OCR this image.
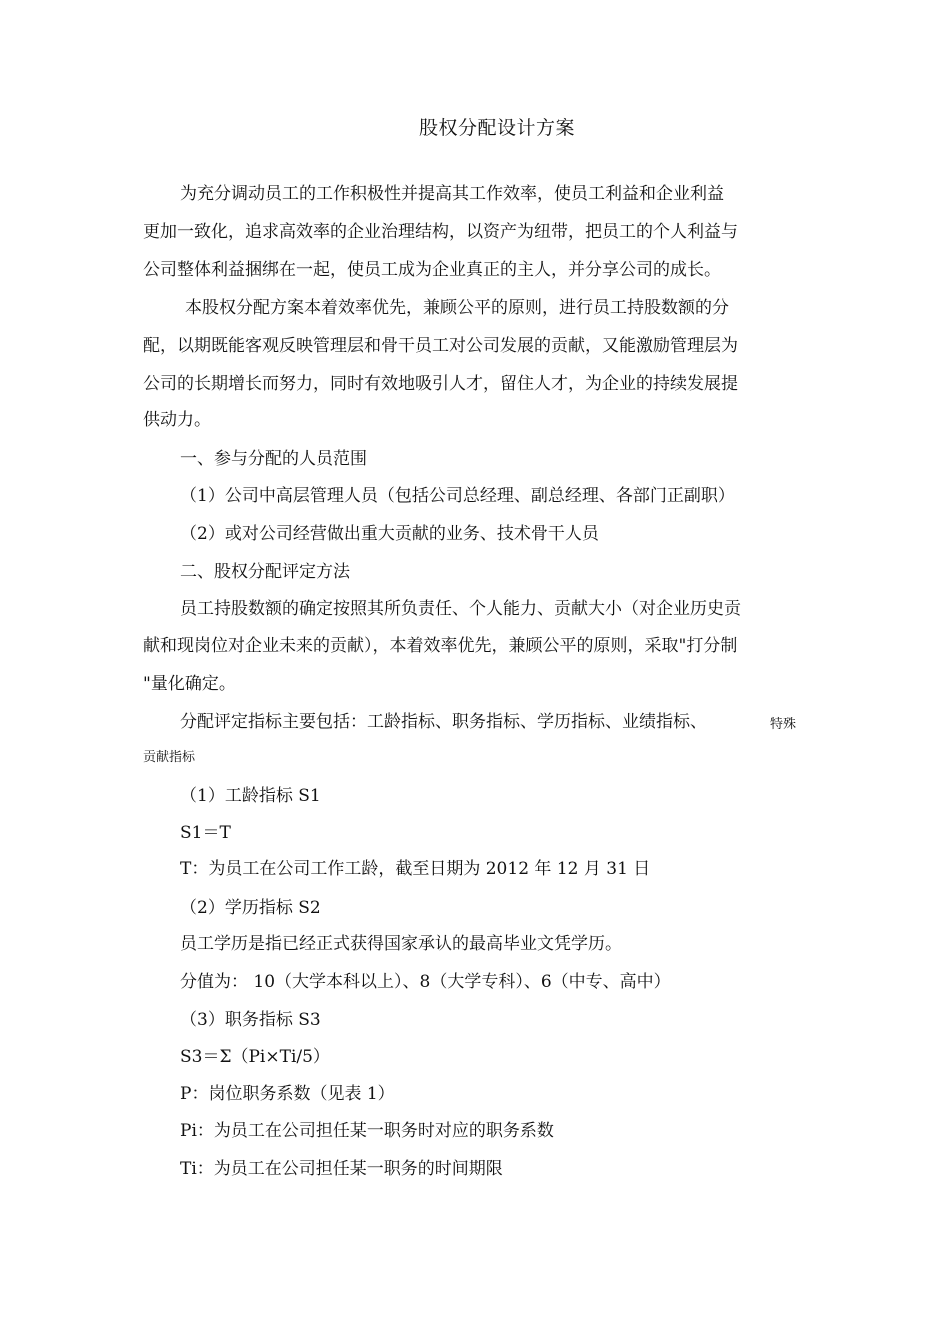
股权分配设计方案
为充分调动员工的工作积极性并提高其工作效率，使员工利益和企业利益
更加一致化，追求高效率的企业治理结构，以资产为纽带，把员工的个人利益与
公司整体利益捆绑在一起，使员工成为企业真正的主人，并分享公司的成长。
本股权分配方案本着效率优先，兼顾公平的原则，进行员工持股数额的分
配，以期既能客观反映管理层和骨干员工对公司发展的贡献，又能激励管理层为
公司的长期增长而努力，同时有效地吸引人才，留住人才，为企业的持续发展提
供动力。
一、参与分配的人员范围
（1）公司中高层管理人员（包括公司总经理、副总经理、各部门正副职）
（2）或对公司经营做出重大贡献的业务、技术骨干人员
二、股权分配评定方法
员工持股数额的确定按照其所负责任、个人能力、贡献大小（对企业历史贡
献和现岗位对企业未来的贡献），本着效率优先，兼顾公平的原则，采取"打分制
"量化确定。
分配评定指标主要包括：工龄指标、职务指标、学历指标、业绩指标、	特殊
贡献指标
（1）工龄指标 S1
S1＝T
T：为员工在公司工作工龄，截至日期为 2012 年 12 月 31 日
（2）学历指标 S2
员工学历是指已经正式获得国家承认的最高毕业文凭学历。
分值为： 10（大学本科以上）、8（大学专科）、6（中专、高中）
（3）职务指标 S3
S3＝Σ（Pi×Ti/5）
P：岗位职务系数（见表 1）
Pi：为员工在公司担任某一职务时对应的职务系数
Ti：为员工在公司担任某一职务的时间期限
